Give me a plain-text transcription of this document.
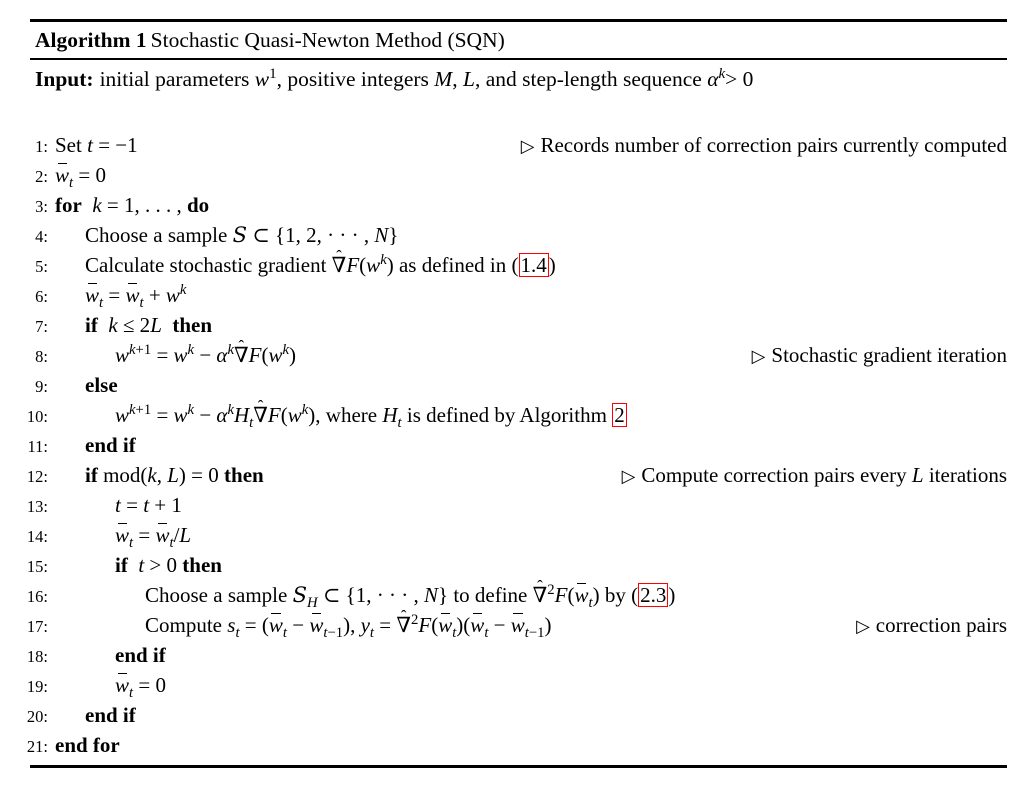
Algorithm 1 Stochastic Quasi-Newton Method (SQN)
Input: initial parameters $w^1$, positive integers M, L, and step-length sequence $\alpha^k> 0$
1: Set t = −1	▷ Records number of correction pairs currently computed
2: $w_t = 0$
3: for k = 1, . . . , do
4: Choose a sample S ⊂ {1, 2, · · · , N}
5: Calculate stochastic gradient ˆ $\nabla F(w^k)$ as defined in (1.4)
6: $w_t = w_t + w^k$
7: if k ≤ 2L then
8:	$w^{k+1} = w^k$ − $\alpha^kˆ$ $\nabla F(w^k)$	▷ Stochastic gradient iteration
9: else
10:	$w^{k+1} = w^k$ − $\alpha^kH_tˆ$ $\nabla F(w^k)$, where $H_t$ is defined by Algorithm 2
11: end if
12: if mod(k, L) = 0 then	▷ Compute correction pairs every L iterations
13:	t = t + 1
14:	$w_t = w_t/L$
15:	if t > 0 then
16:	Choose a sample $S_H$ ⊂ {1, · · · , N} to define ˆ $\nabla^2F(w_t)$ by (2.3)
17:	Compute $s_t = (w_t - w_{t-1})$, $y_t$ = ˆ $\nabla^2F(w_t)(w_t - w_{t-1})$	▷ correction pairs
18:	end if
19:	$w_t = 0$
20: end if
21: end for
